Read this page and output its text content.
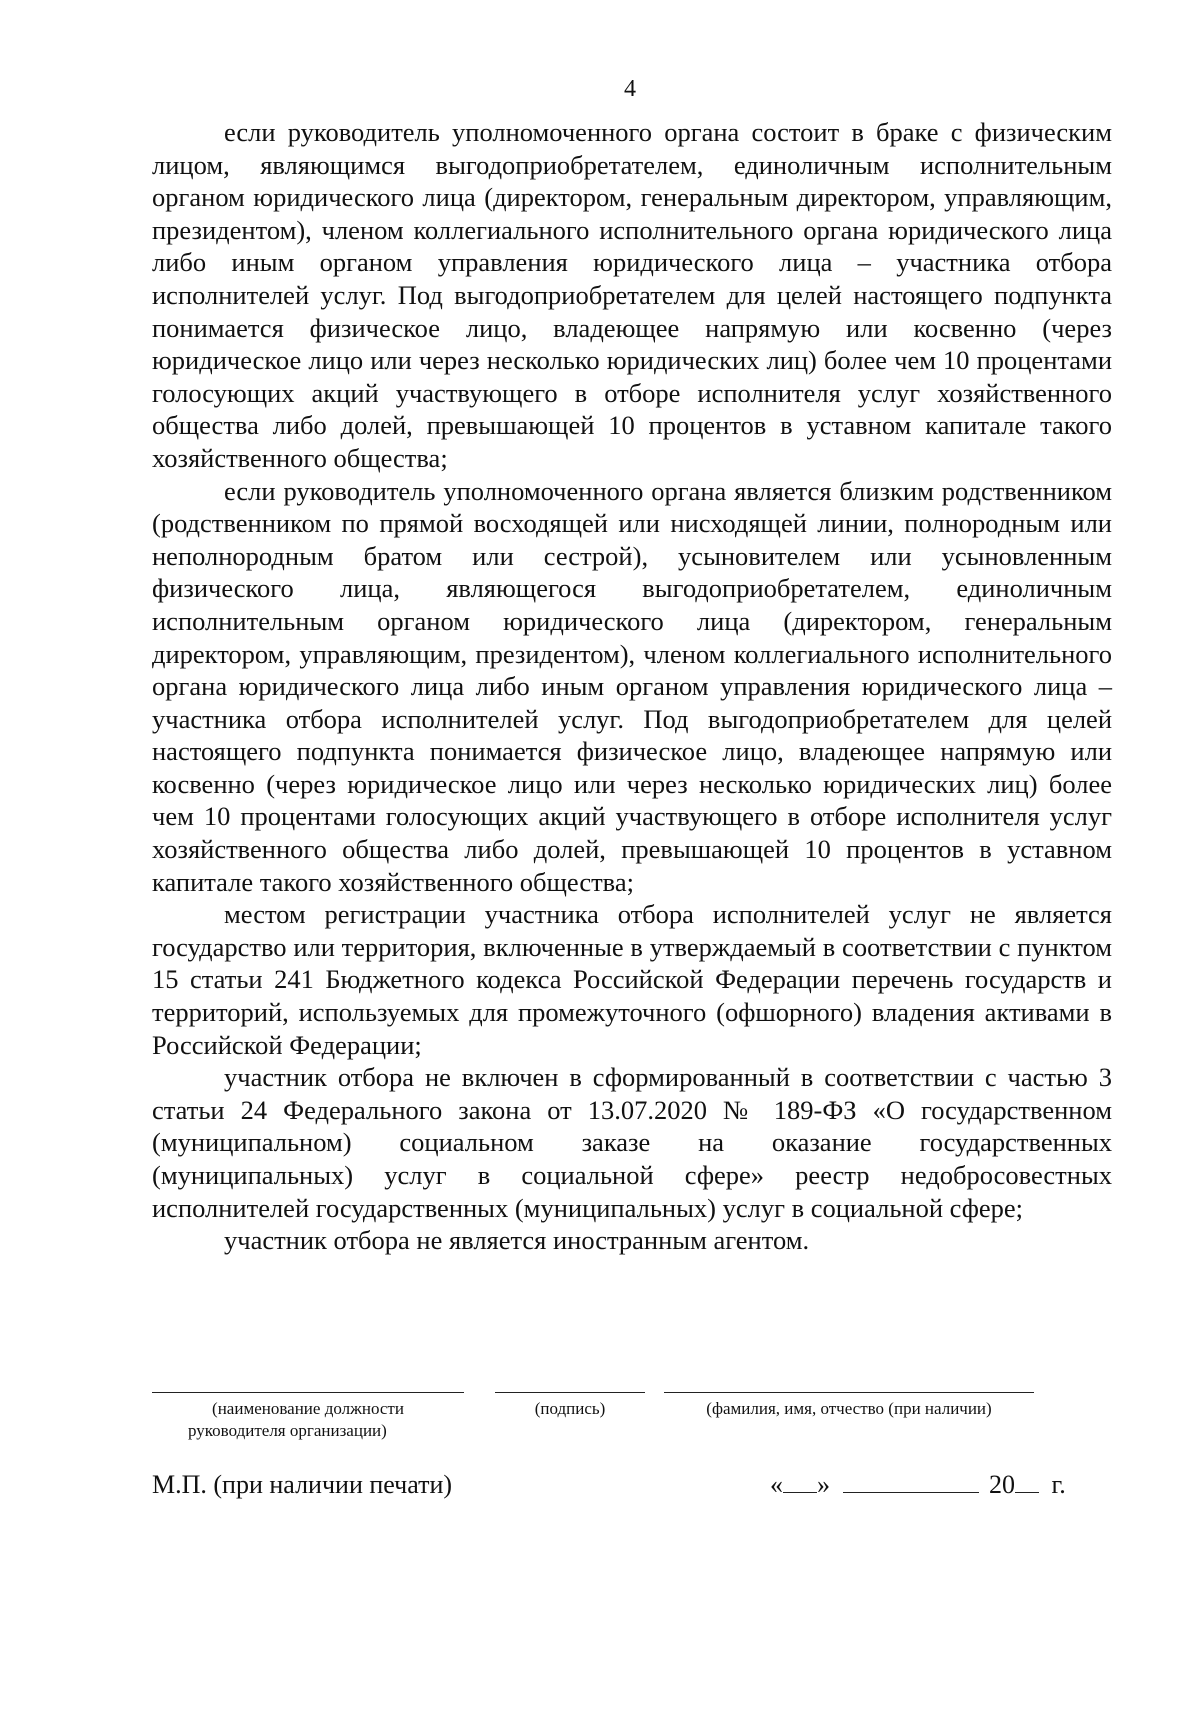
4

если руководитель уполномоченного органа состоит в браке с физическим лицом, являющимся выгодоприобретателем, единоличным исполнительным органом юридического лица (директором, генеральным директором, управляющим, президентом), членом коллегиального исполнительного органа юридического лица либо иным органом управления юридического лица – участника отбора исполнителей услуг. Под выгодоприобретателем для целей настоящего подпункта понимается физическое лицо, владеющее напрямую или косвенно (через юридическое лицо или через несколько юридических лиц) более чем 10 процентами голосующих акций участвующего в отборе исполнителя услуг хозяйственного общества либо долей, превышающей 10 процентов в уставном капитале такого хозяйственного общества;

если руководитель уполномоченного органа является близким родственником (родственником по прямой восходящей или нисходящей линии, полнородным или неполнородным братом или сестрой), усыновителем или усыновленным физического лица, являющегося выгодоприобретателем, единоличным исполнительным органом юридического лица (директором, генеральным директором, управляющим, президентом), членом коллегиального исполнительного органа юридического лица либо иным органом управления юридического лица – участника отбора исполнителей услуг. Под выгодоприобретателем для целей настоящего подпункта понимается физическое лицо, владеющее напрямую или косвенно (через юридическое лицо или через несколько юридических лиц) более чем 10 процентами голосующих акций участвующего в отборе исполнителя услуг хозяйственного общества либо долей, превышающей 10 процентов в уставном капитале такого хозяйственного общества;

местом регистрации участника отбора исполнителей услуг не является государство или территория, включенные в утверждаемый в соответствии с пунктом 15 статьи 241 Бюджетного кодекса Российской Федерации перечень государств и территорий, используемых для промежуточного (офшорного) владения активами в Российской Федерации;

участник отбора не включен в сформированный в соответствии с частью 3 статьи 24 Федерального закона от 13.07.2020 № 189-ФЗ «О государственном (муниципальном) социальном заказе на оказание государственных (муниципальных) услуг в социальной сфере» реестр недобросовестных исполнителей государственных (муниципальных) услуг в социальной сфере;

участник отбора не является иностранным агентом.

(наименование должности
руководителя организации)
(подпись)	(фамилия, имя, отчество (при наличии)
М.П. (при наличии печати)	« »	20 г.
